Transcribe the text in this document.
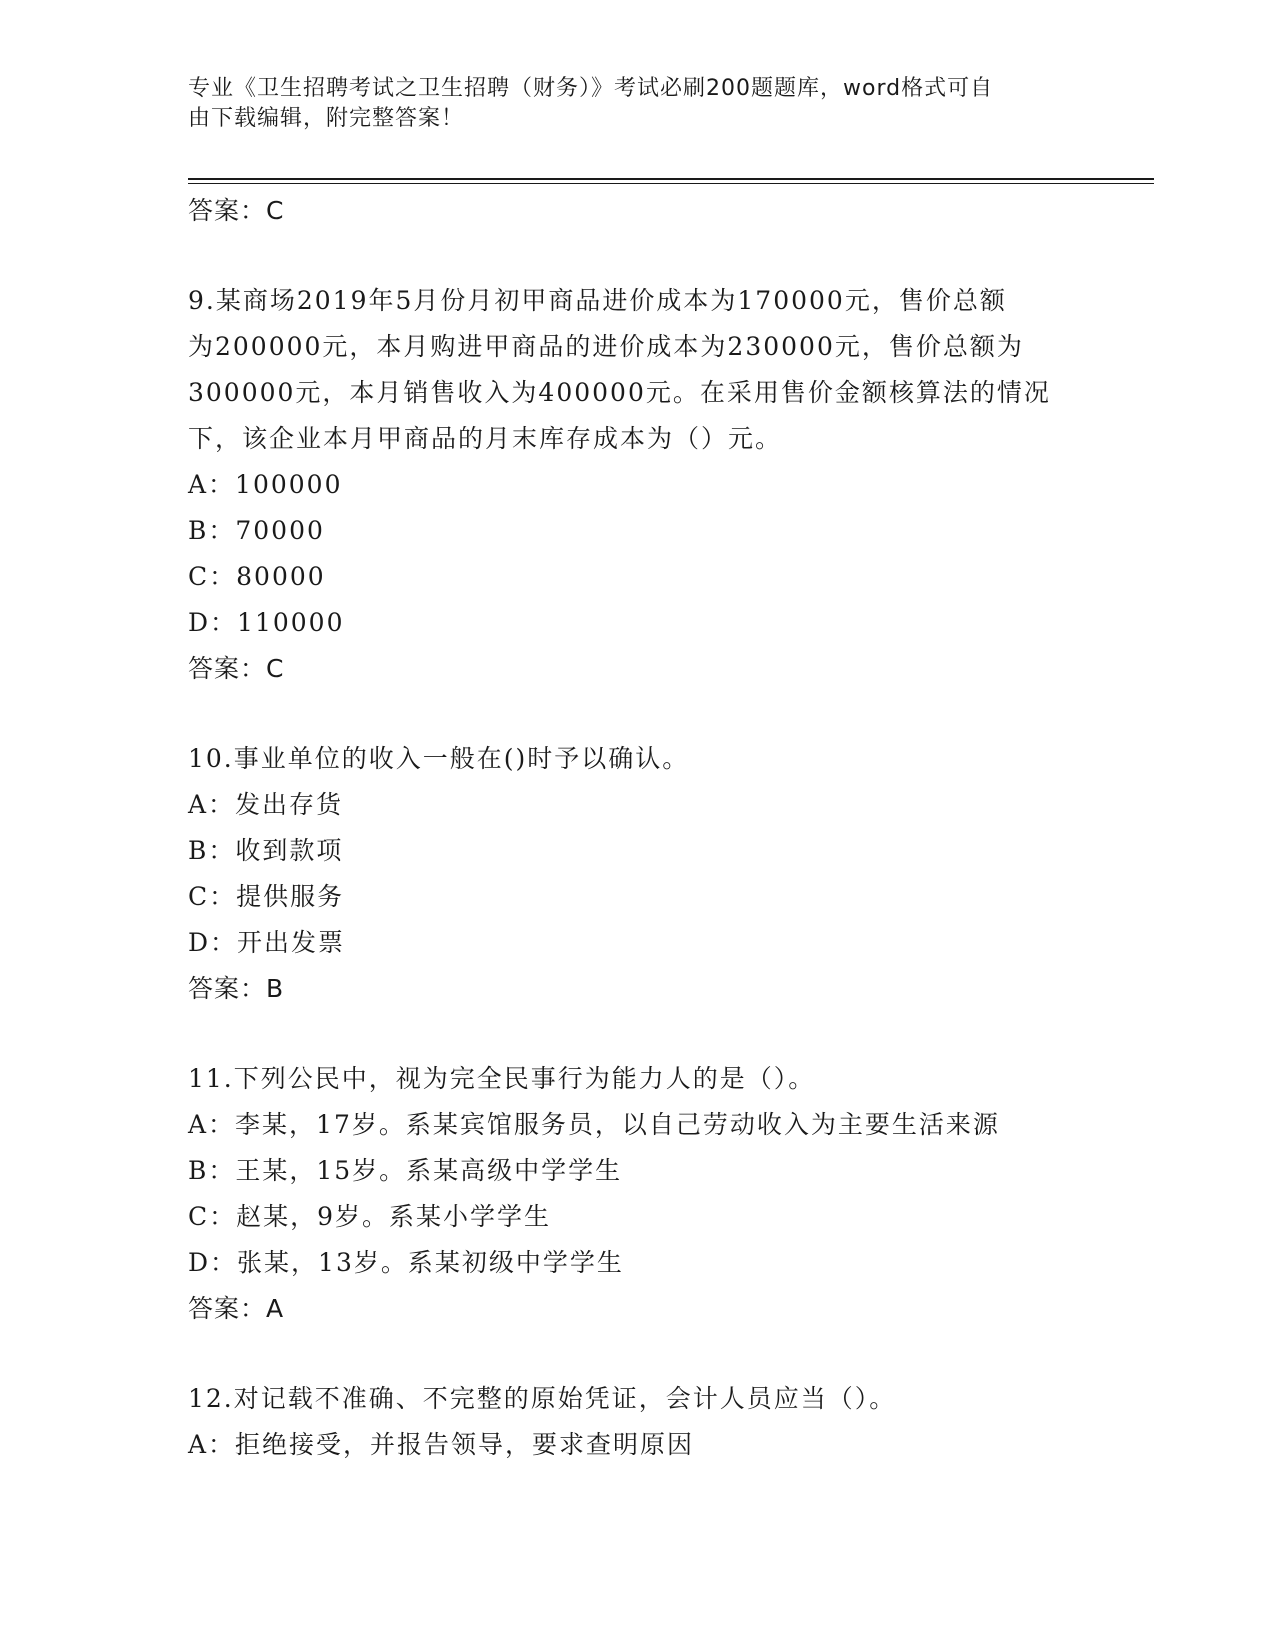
专业《卫生招聘考试之卫生招聘（财务）》考试必刷200题题库，word格式可自
由下载编辑，附完整答案！
答案：C
9.某商场2019年5月份月初甲商品进价成本为170000元，售价总额
为200000元，本月购进甲商品的进价成本为230000元，售价总额为
300000元，本月销售收入为400000元。在采用售价金额核算法的情况
下，该企业本月甲商品的月末库存成本为（）元。
A：100000
B：70000
C：80000
D：110000
答案：C
10.事业单位的收入一般在()时予以确认。
A：发出存货
B：收到款项
C：提供服务
D：开出发票
答案：B
11.下列公民中，视为完全民事行为能力人的是（）。
A：李某，17岁。系某宾馆服务员，以自己劳动收入为主要生活来源
B：王某，15岁。系某高级中学学生
C：赵某，9岁。系某小学学生
D：张某，13岁。系某初级中学学生
答案：A
12.对记载不准确、不完整的原始凭证，会计人员应当（）。
A：拒绝接受，并报告领导，要求查明原因
